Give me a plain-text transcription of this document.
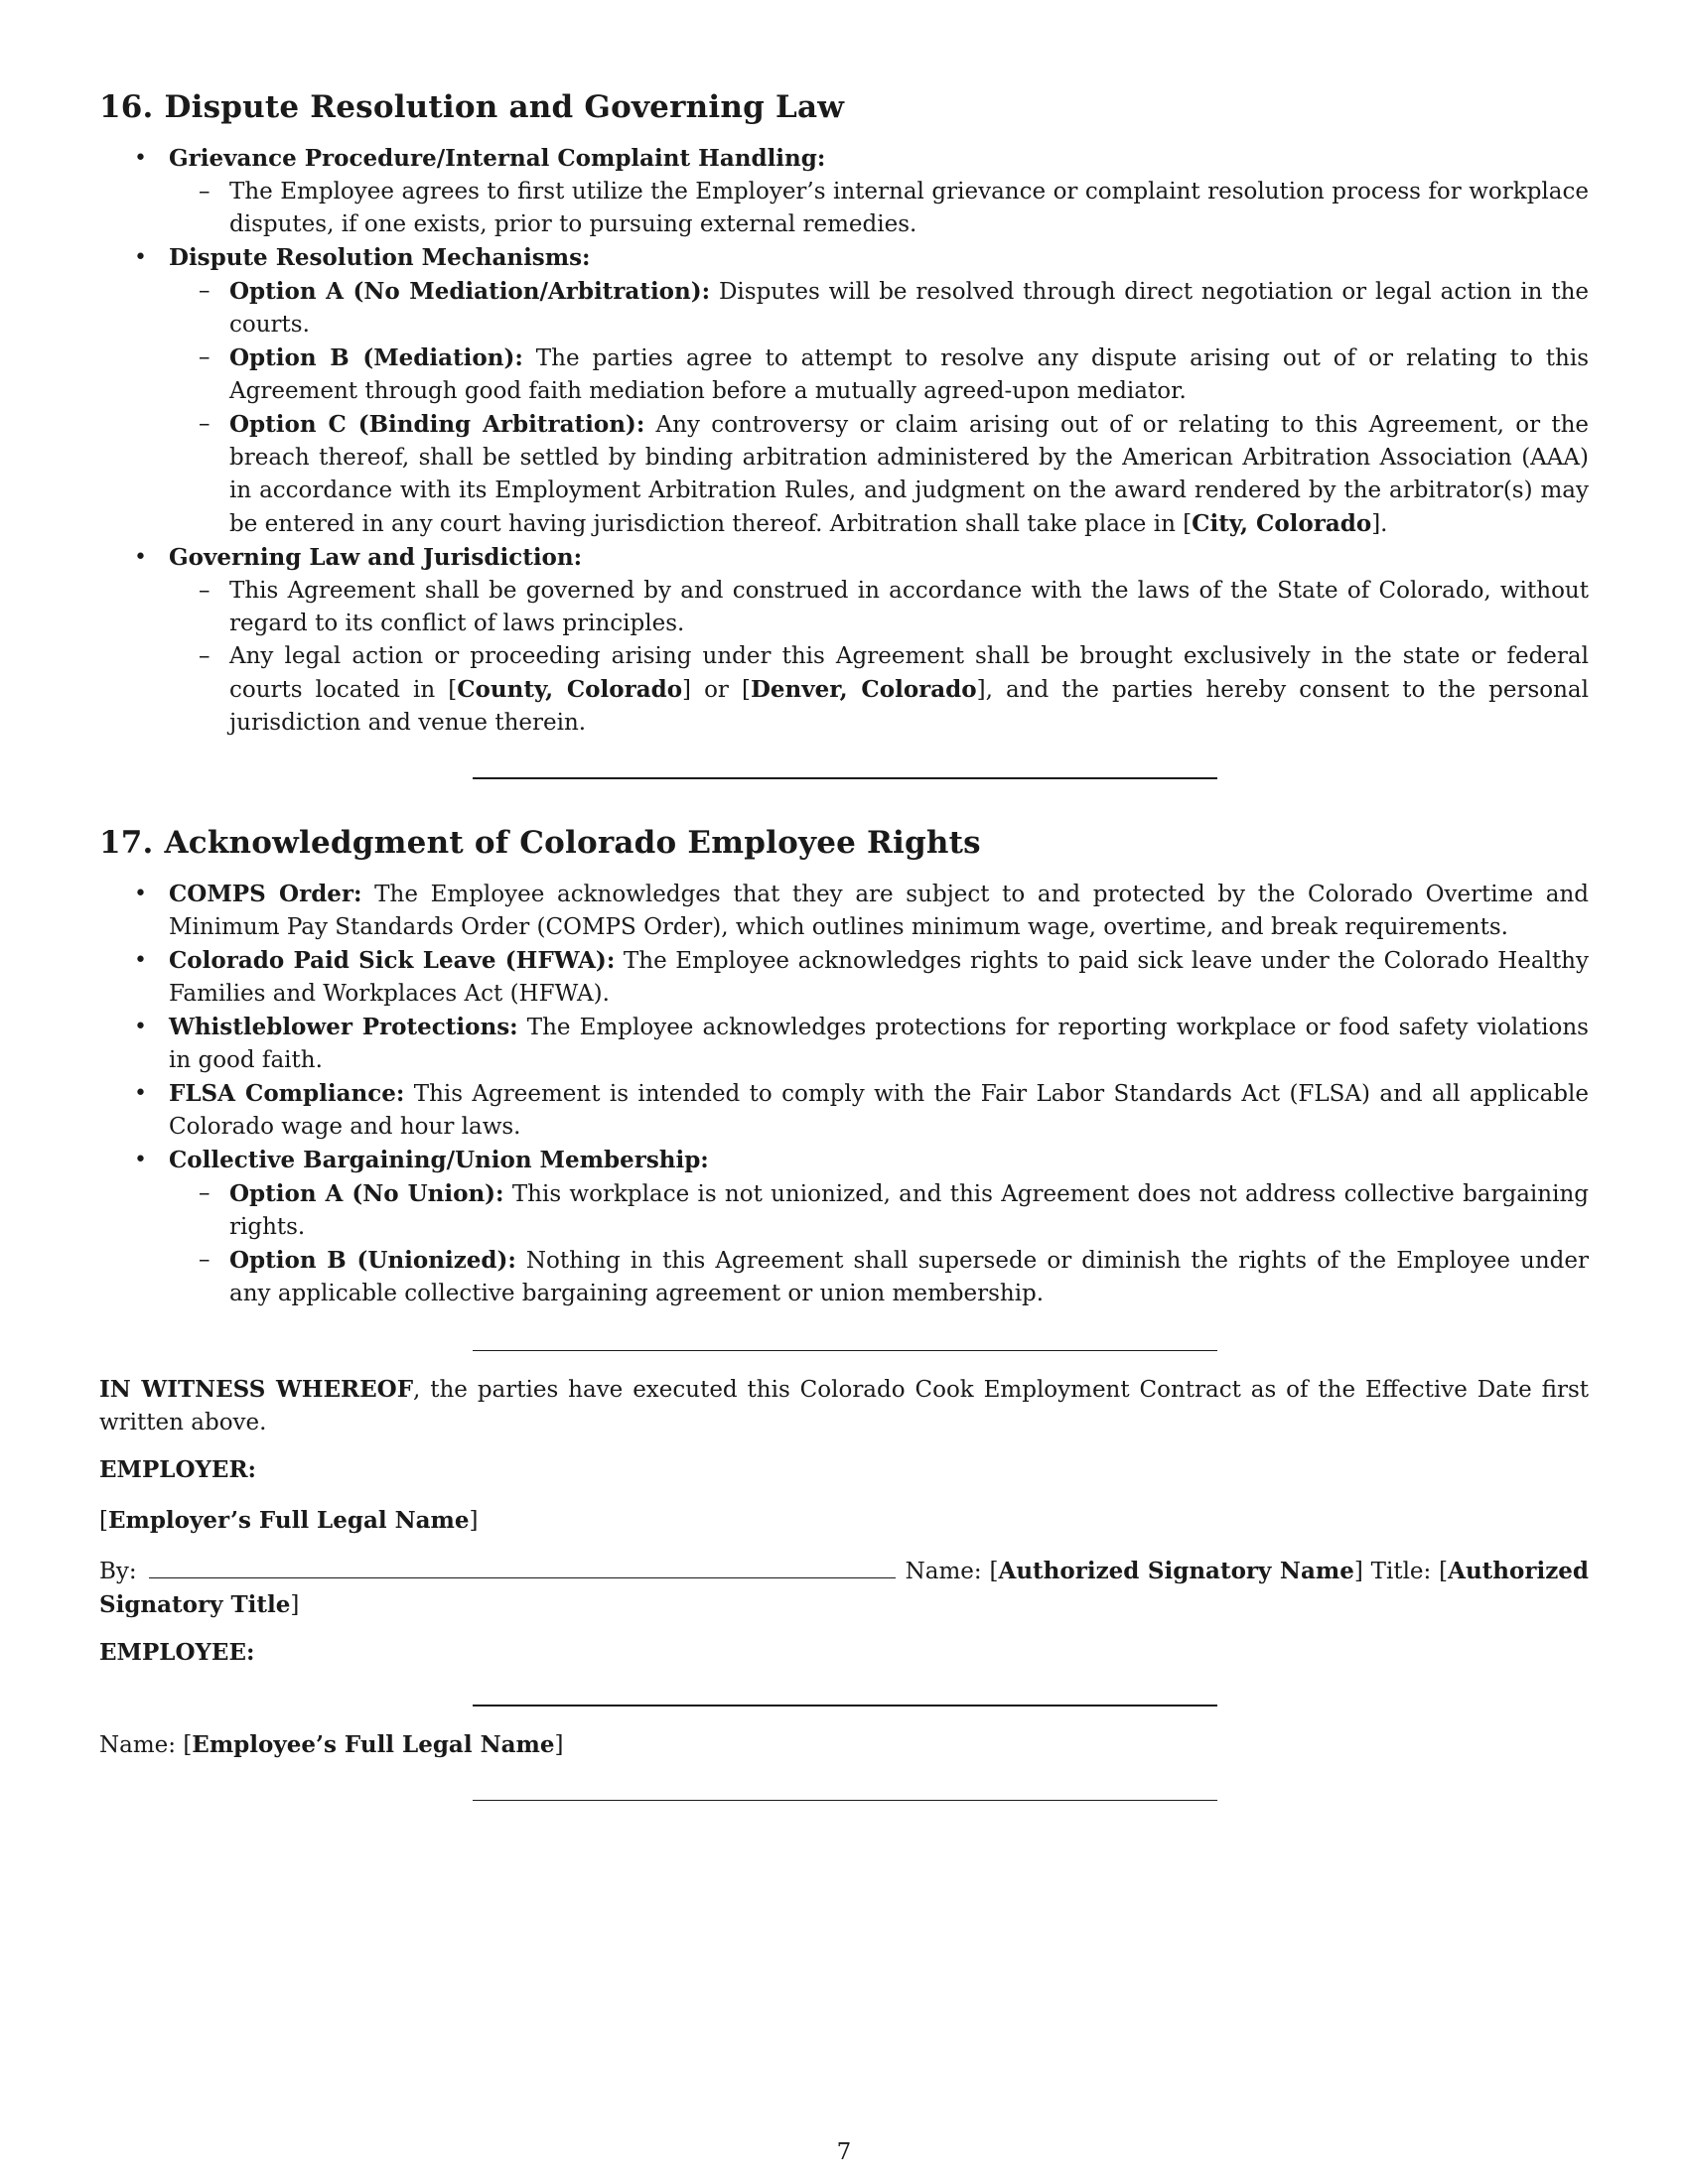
16. Dispute Resolution and Governing Law
• Grievance Procedure/Internal Complaint Handling:
– The Employee agrees to first utilize the Employer’s internal grievance or complaint resolution process for workplace disputes, if one exists, prior to pursuing external remedies.
• Dispute Resolution Mechanisms:
– Option A (No Mediation/Arbitration): Disputes will be resolved through direct negotiation or legal action in the courts.
– Option B (Mediation): The parties agree to attempt to resolve any dispute arising out of or relating to this Agreement through good faith mediation before a mutually agreed-upon mediator.
– Option C (Binding Arbitration): Any controversy or claim arising out of or relating to this Agreement, or the breach thereof, shall be settled by binding arbitration administered by the American Arbitration Association (AAA) in accordance with its Employment Arbitration Rules, and judgment on the award rendered by the arbitrator(s) may be entered in any court having jurisdiction thereof. Arbitration shall take place in [City, Colorado].
• Governing Law and Jurisdiction:
– This Agreement shall be governed by and construed in accordance with the laws of the State of Colorado, without regard to its conflict of laws principles.
– Any legal action or proceeding arising under this Agreement shall be brought exclusively in the state or federal courts located in [County, Colorado] or [Denver, Colorado], and the parties hereby consent to the personal jurisdiction and venue therein.
17. Acknowledgment of Colorado Employee Rights
• COMPS Order: The Employee acknowledges that they are subject to and protected by the Colorado Overtime and Minimum Pay Standards Order (COMPS Order), which outlines minimum wage, overtime, and break requirements.
• Colorado Paid Sick Leave (HFWA): The Employee acknowledges rights to paid sick leave under the Colorado Healthy Families and Workplaces Act (HFWA).
• Whistleblower Protections: The Employee acknowledges protections for reporting workplace or food safety violations in good faith.
• FLSA Compliance: This Agreement is intended to comply with the Fair Labor Standards Act (FLSA) and all applicable Colorado wage and hour laws.
• Collective Bargaining/Union Membership:
– Option A (No Union): This workplace is not unionized, and this Agreement does not address collective bargaining rights.
– Option B (Unionized): Nothing in this Agreement shall supersede or diminish the rights of the Employee under any applicable collective bargaining agreement or union membership.

IN WITNESS WHEREOF, the parties have executed this Colorado Cook Employment Contract as of the Effective Date first written above.

EMPLOYER:

[Employer’s Full Legal Name]

By:	Name: [Authorized Signatory Name] Title: [Authorized Signatory Title]

EMPLOYEE:

Name: [Employee’s Full Legal Name]

7
